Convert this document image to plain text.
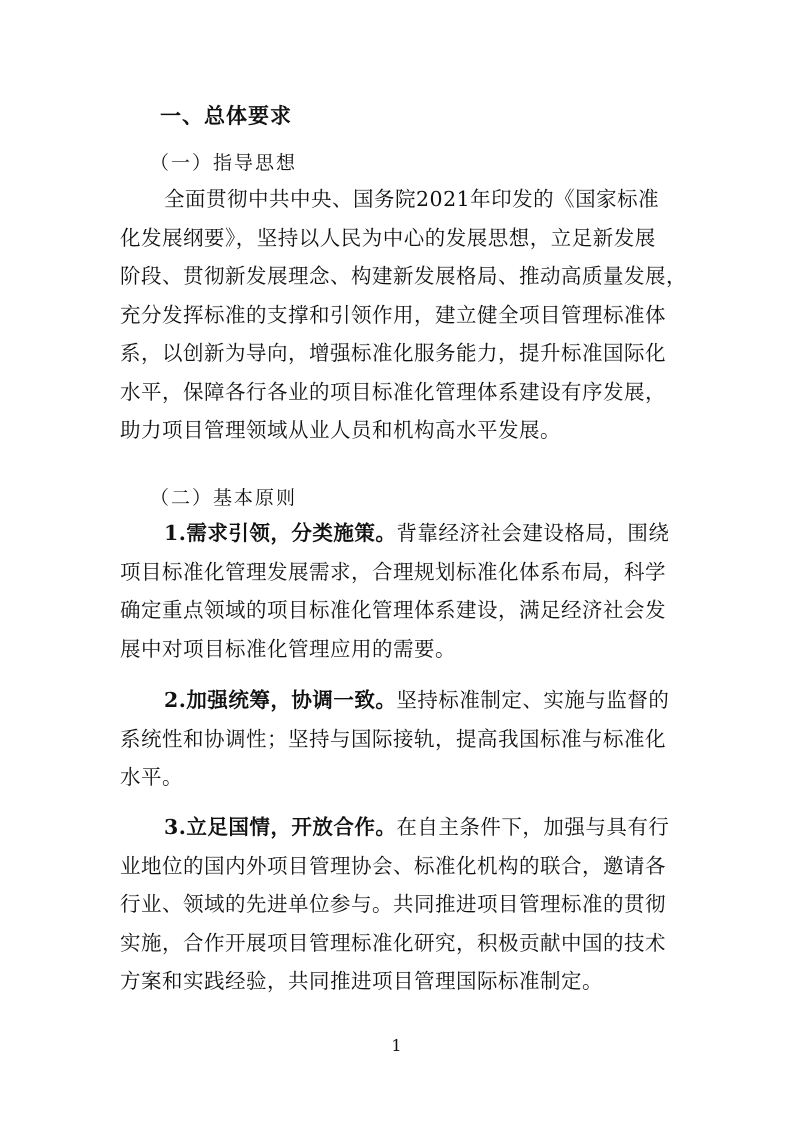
一、总体要求
（一）指导思想
全面贯彻中共中央、国务院2021年印发的《国家标准
化发展纲要》，坚持以人民为中心的发展思想，立足新发展
阶段、贯彻新发展理念、构建新发展格局、推动高质量发展，
充分发挥标准的支撑和引领作用，建立健全项目管理标准体
系，以创新为导向，增强标准化服务能力，提升标准国际化
水平，保障各行各业的项目标准化管理体系建设有序发展，
助力项目管理领域从业人员和机构高水平发展。
（二）基本原则
1.需求引领，分类施策。背靠经济社会建设格局，围绕
项目标准化管理发展需求，合理规划标准化体系布局，科学
确定重点领域的项目标准化管理体系建设，满足经济社会发
展中对项目标准化管理应用的需要。
2.加强统筹，协调一致。坚持标准制定、实施与监督的
系统性和协调性；坚持与国际接轨，提高我国标准与标准化
水平。
3.立足国情，开放合作。在自主条件下，加强与具有行
业地位的国内外项目管理协会、标准化机构的联合，邀请各
行业、领域的先进单位参与。共同推进项目管理标准的贯彻
实施，合作开展项目管理标准化研究，积极贡献中国的技术
方案和实践经验，共同推进项目管理国际标准制定。
1
